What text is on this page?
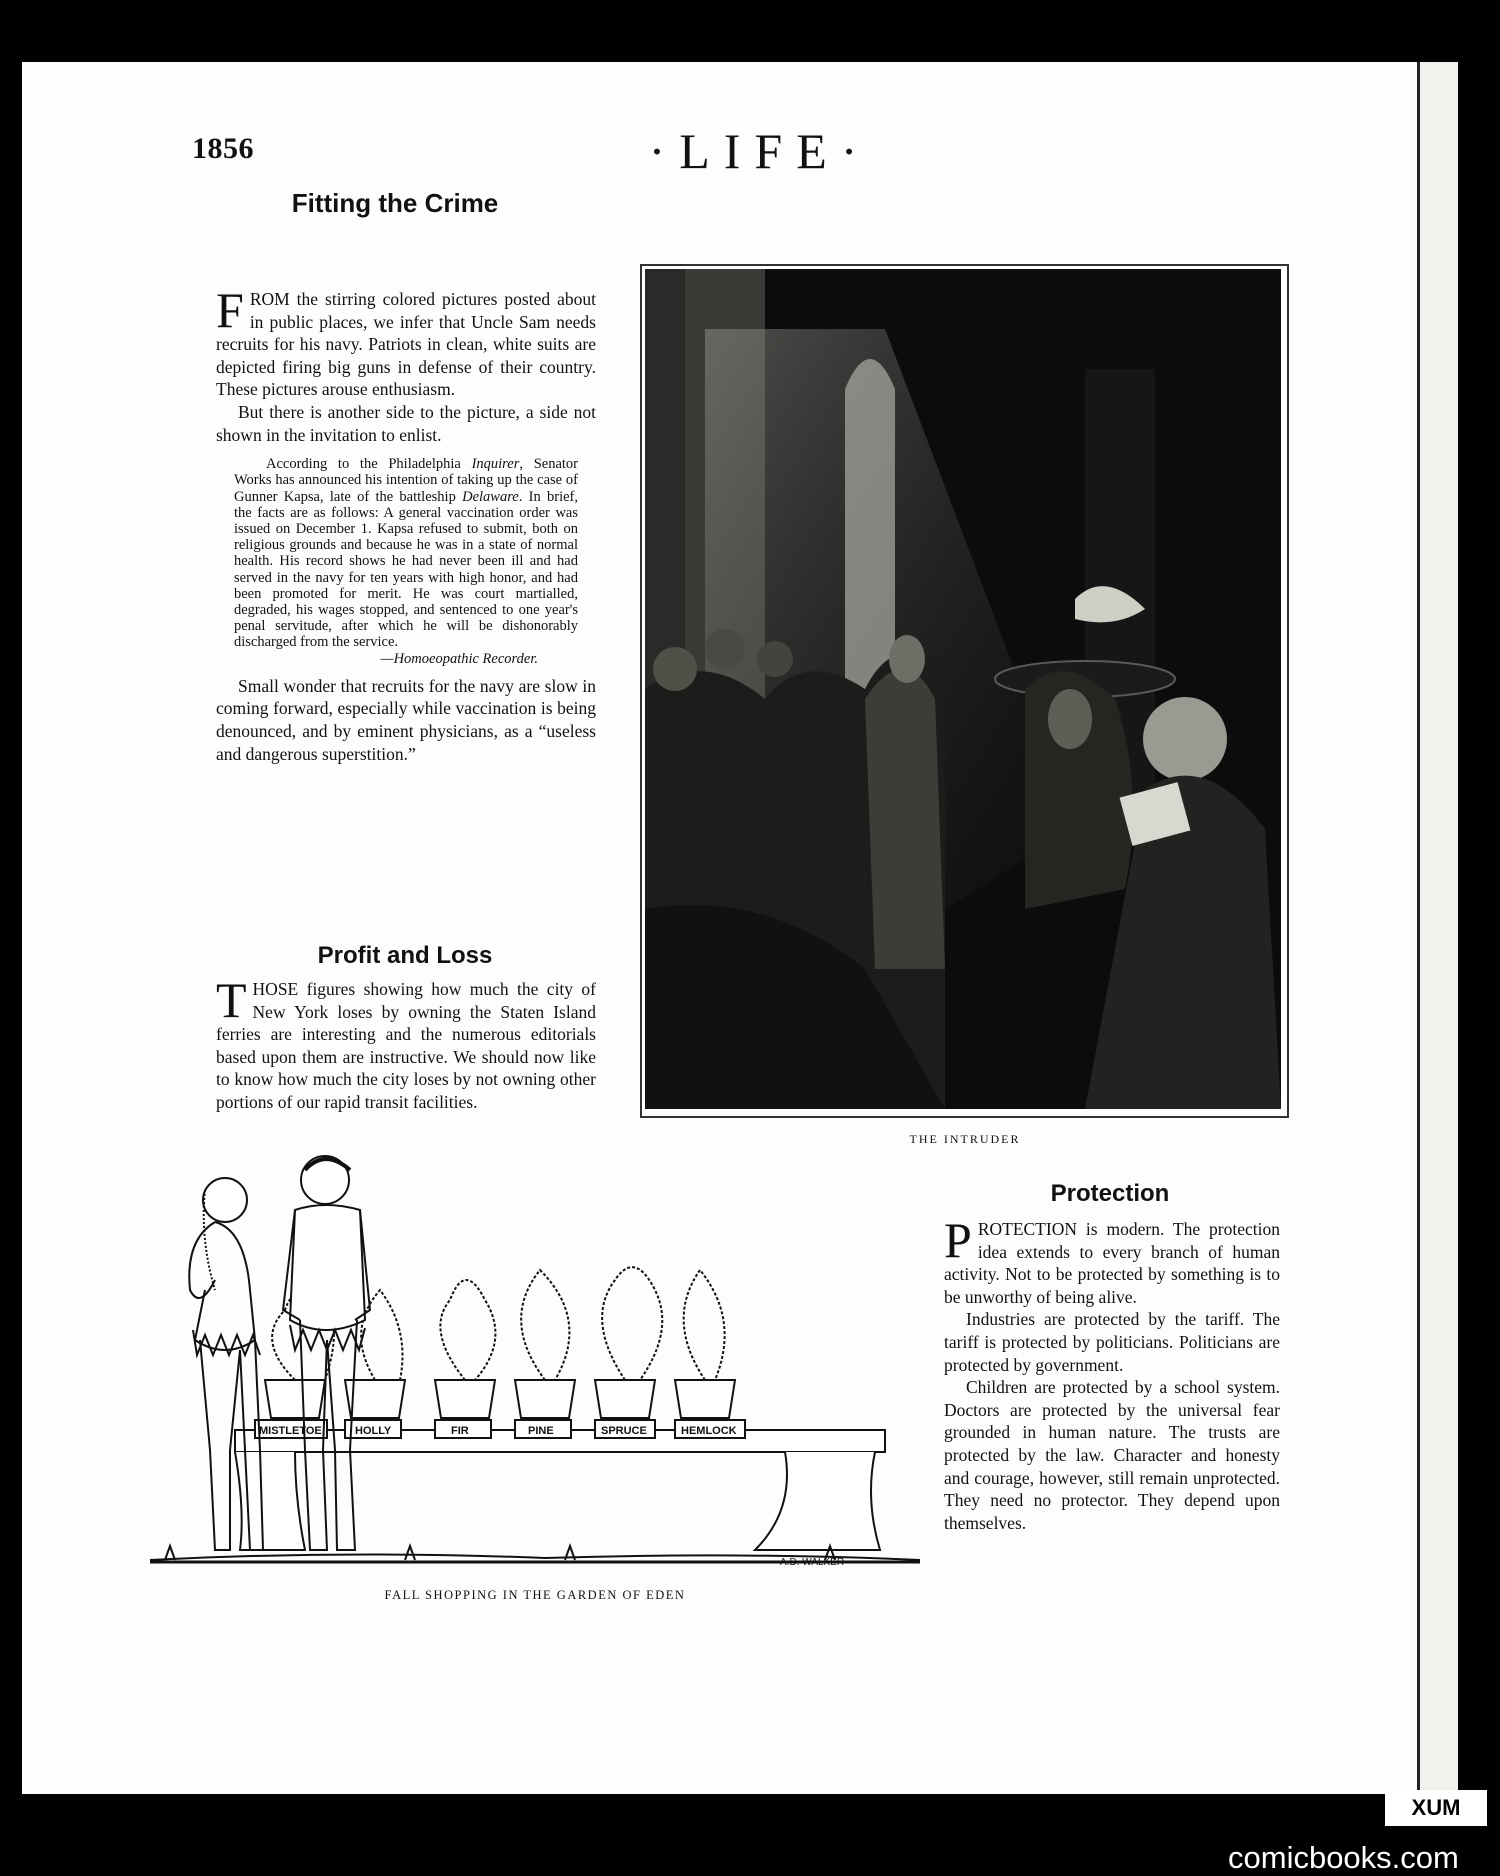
1856	·LIFE·
Fitting the Crime

FROM the stirring colored pictures posted about in public places, we infer that Uncle Sam needs recruits for his navy. Patriots in clean, white suits are depicted firing big guns in defense of their country. These pictures arouse enthusiasm.

But there is another side to the picture, a side not shown in the invitation to enlist.

According to the Philadelphia Inquirer, Senator Works has announced his intention of taking up the case of Gunner Kapsa, late of the battleship Delaware. In brief, the facts are as follows: A general vaccination order was issued on December 1. Kapsa refused to submit, both on religious grounds and because he was in a state of normal health. His record shows he had never been ill and had served in the navy for ten years with high honor, and had been promoted for merit. He was court martialled, degraded, his wages stopped, and sentenced to one year's penal servitude, after which he will be dishonorably discharged from the service.

—Homoeopathic Recorder.

Small wonder that recruits for the navy are slow in coming forward, especially while vaccination is being denounced, and by eminent physicians, as a “useless and dangerous superstition.”

Profit and Loss

THOSE figures showing how much the city of New York loses by owning the Staten Island ferries are interesting and the numerous editorials based upon them are instructive. We should now like to know how much the city loses by not owning other portions of our rapid transit facilities.

THE INTRUDER
MISTLETOE	HOLLY	FIR	PINE	SPRUCE	HEMLOCK
A.D. WALKER
FALL SHOPPING IN THE GARDEN OF EDEN
Protection

PROTECTION is modern. The protection idea extends to every branch of human activity. Not to be protected by something is to be unworthy of being alive.

Industries are protected by the tariff. The tariff is protected by politicians. Politicians are protected by government.

Children are protected by a school system. Doctors are protected by the universal fear grounded in human nature. The trusts are protected by the law. Character and honesty and courage, however, still remain unprotected. They need no protector. They depend upon themselves.

XUM
comicbooks.com
